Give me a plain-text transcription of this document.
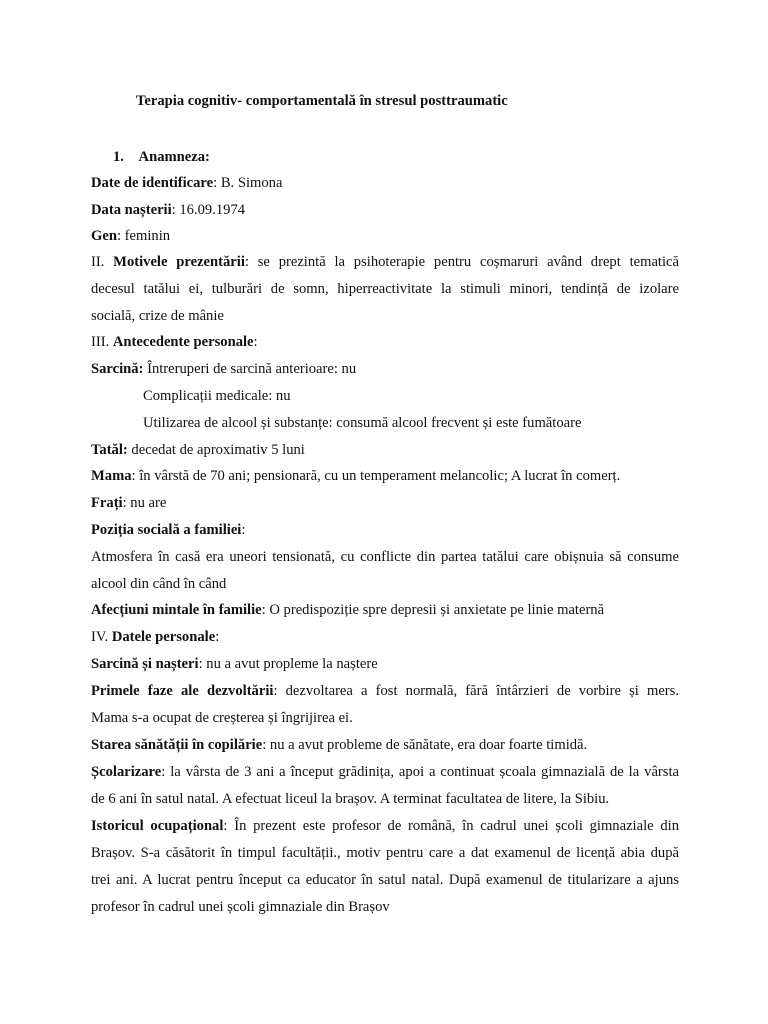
Terapia cognitiv- comportamentală în stresul posttraumatic
1. Anamneza:
Date de identificare: B. Simona
Data nașterii: 16.09.1974
Gen: feminin
II. Motivele prezentării: se prezintă la psihoterapie pentru coșmaruri având drept tematică
decesul tatălui ei, tulburări de somn, hiperreactivitate la stimuli minori, tendință de izolare
socială, crize de mânie
III. Antecedente personale:
Sarcină: Întreruperi de sarcină anterioare: nu
Complicații medicale: nu
Utilizarea de alcool și substanțe: consumă alcool frecvent și este fumătoare
Tatăl: decedat de aproximativ 5 luni
Mama: în vârstă de 70 ani; pensionară, cu un temperament melancolic; A lucrat în comerț.
Frați: nu are
Poziția socială a familiei:
Atmosfera în casă era uneori tensionată, cu conflicte din partea tatălui care obișnuia să consume
alcool din când în când
Afecțiuni mintale în familie: O predispoziție spre depresii și anxietate pe linie maternă
IV. Datele personale:
Sarcină și nașteri: nu a avut propleme la naștere
Primele faze ale dezvoltării: dezvoltarea a fost normală, fără întârzieri de vorbire și mers.
Mama s-a ocupat de creșterea și îngrijirea ei.
Starea sănătății în copilărie: nu a avut probleme de sănătate, era doar foarte timidă.
Școlarizare: la vârsta de 3 ani a început grădinița, apoi a continuat școala gimnazială de la vârsta
de 6 ani în satul natal. A efectuat liceul la brașov. A terminat facultatea de litere, la Sibiu.
Istoricul ocupațional: În prezent este profesor de română, în cadrul unei școli gimnaziale din
Brașov. S-a căsătorit în timpul facultății., motiv pentru care a dat examenul de licență abia după
trei ani. A lucrat pentru început ca educator în satul natal. După examenul de titularizare a ajuns
profesor în cadrul unei școli gimnaziale din Brașov
